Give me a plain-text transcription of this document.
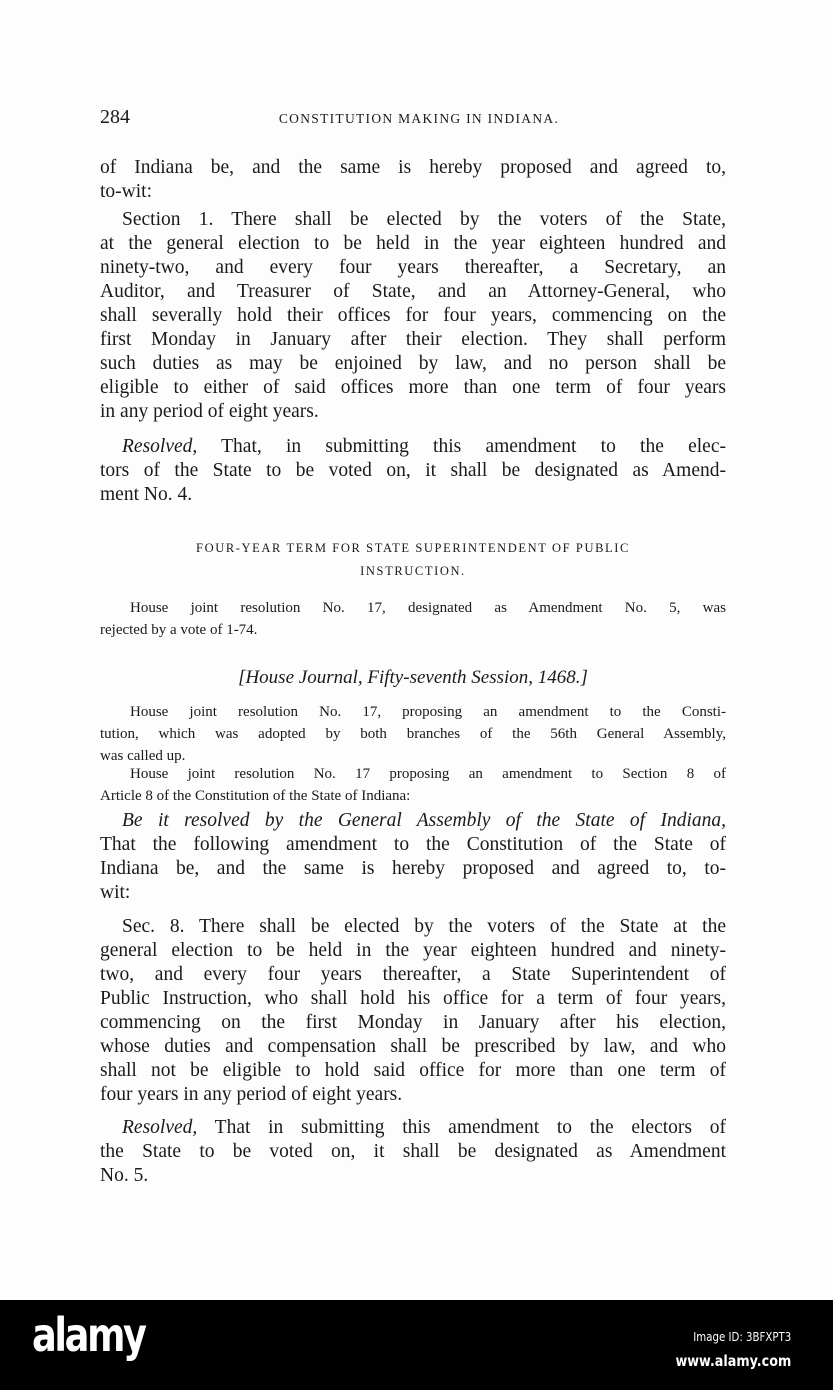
284	CONSTITUTION MAKING IN INDIANA.
of Indiana be, and the same is hereby proposed and agreed to,
to-wit:
Section 1. There shall be elected by the voters of the State,
at the general election to be held in the year eighteen hundred and
ninety-two, and every four years thereafter, a Secretary, an
Auditor, and Treasurer of State, and an Attorney-General, who
shall severally hold their offices for four years, commencing on the
first Monday in January after their election. They shall perform
such duties as may be enjoined by law, and no person shall be
eligible to either of said offices more than one term of four years
in any period of eight years.
Resolved, That, in submitting this amendment to the elec-
tors of the State to be voted on, it shall be designated as Amend-
ment No. 4.
FOUR-YEAR TERM FOR STATE SUPERINTENDENT OF PUBLIC
INSTRUCTION.
House joint resolution No. 17, designated as Amendment No. 5, was
rejected by a vote of 1-74.
[House Journal, Fifty-seventh Session, 1468.]
House joint resolution No. 17, proposing an amendment to the Consti-
tution, which was adopted by both branches of the 56th General Assembly,
was called up.
House joint resolution No. 17 proposing an amendment to Section 8 of
Article 8 of the Constitution of the State of Indiana:
Be it resolved by the General Assembly of the State of Indiana,
That the following amendment to the Constitution of the State of
Indiana be, and the same is hereby proposed and agreed to, to-
wit:
Sec. 8. There shall be elected by the voters of the State at the
general election to be held in the year eighteen hundred and ninety-
two, and every four years thereafter, a State Superintendent of
Public Instruction, who shall hold his office for a term of four years,
commencing on the first Monday in January after his election,
whose duties and compensation shall be prescribed by law, and who
shall not be eligible to hold said office for more than one term of
four years in any period of eight years.
Resolved, That in submitting this amendment to the electors of
the State to be voted on, it shall be designated as Amendment
No. 5.
alamy	Image ID: 3BFXPT3
www.alamy.com
